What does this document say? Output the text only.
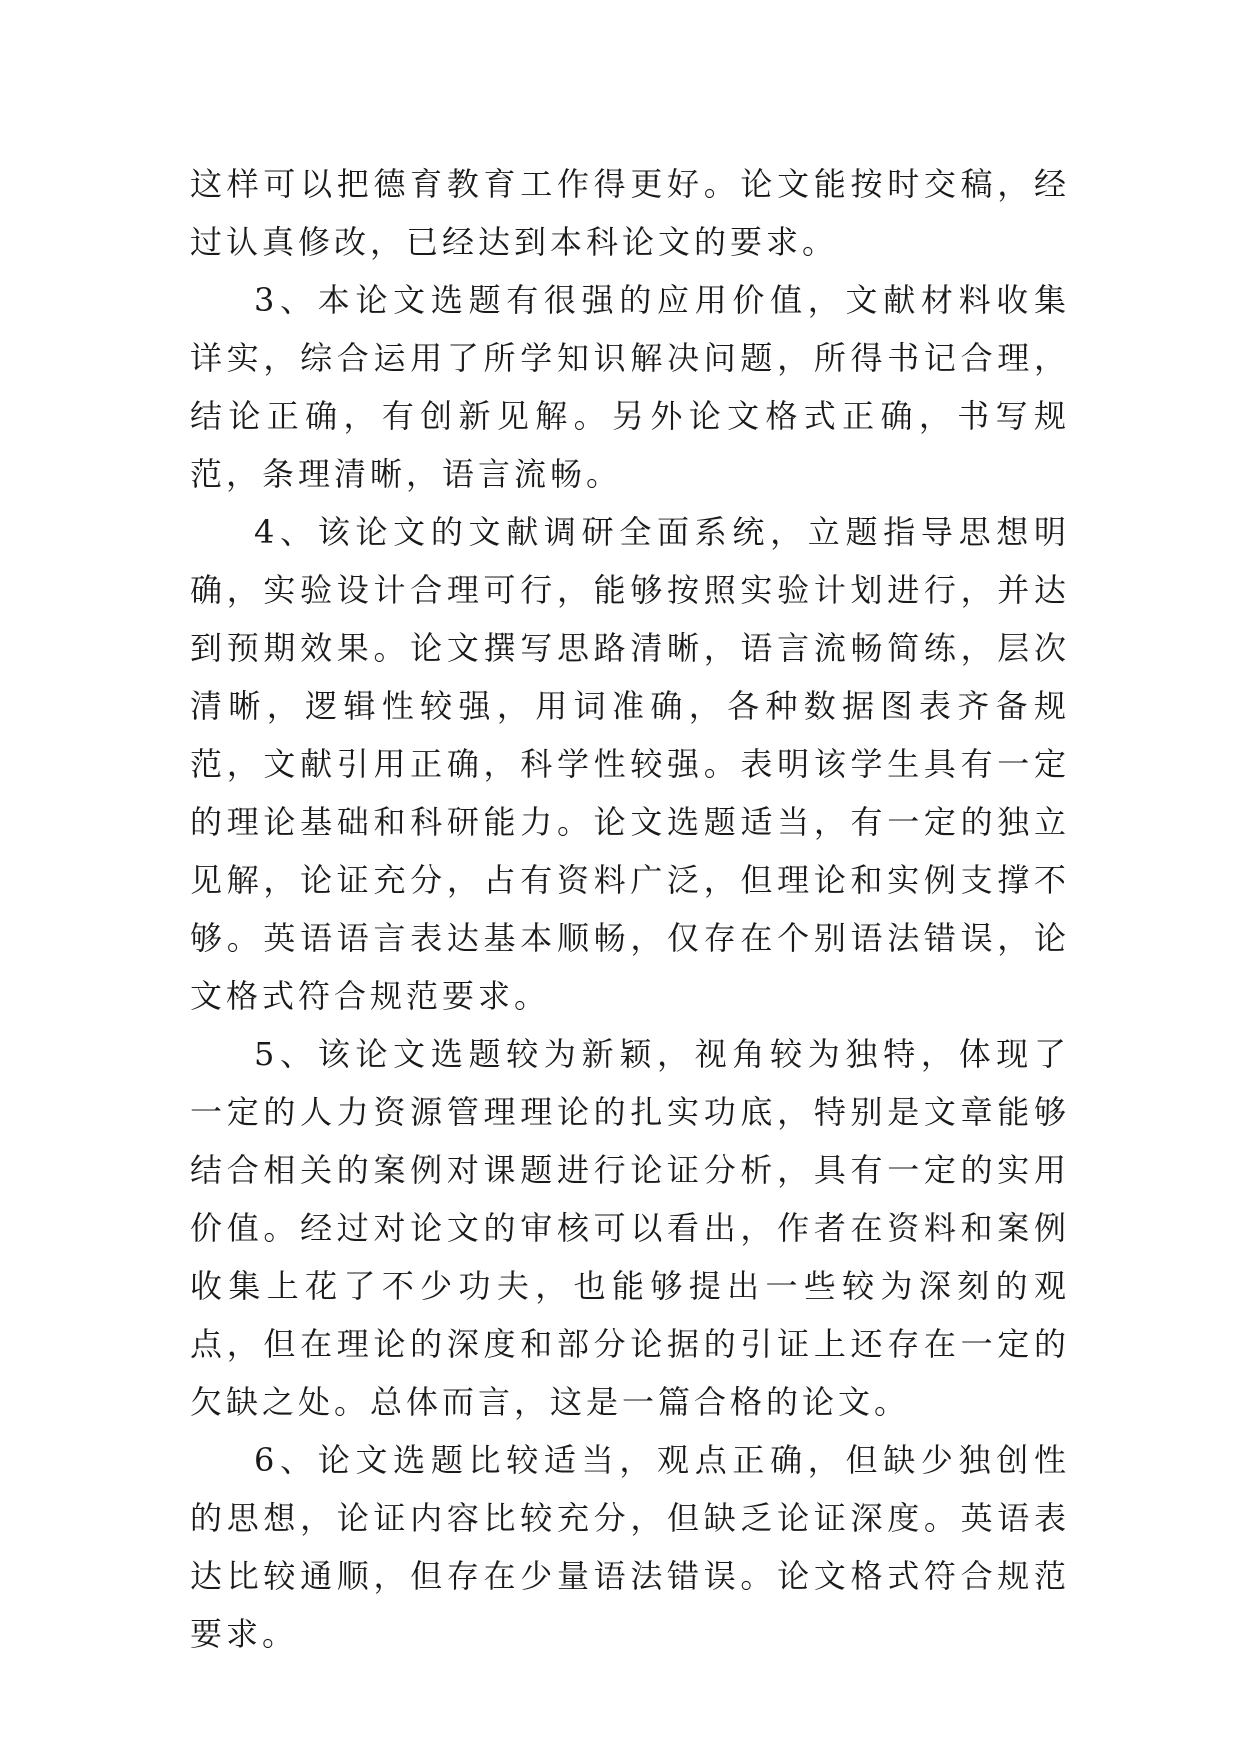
这样可以把德育教育工作得更好。论文能按时交稿，经过认真修改，已经达到本科论文的要求。

3、本论文选题有很强的应用价值，文献材料收集详实，综合运用了所学知识解决问题，所得书记合理，结论正确，有创新见解。另外论文格式正确，书写规范，条理清晰，语言流畅。

4、该论文的文献调研全面系统，立题指导思想明确，实验设计合理可行，能够按照实验计划进行，并达到预期效果。论文撰写思路清晰，语言流畅简练，层次清晰，逻辑性较强，用词准确，各种数据图表齐备规范，文献引用正确，科学性较强。表明该学生具有一定的理论基础和科研能力。论文选题适当，有一定的独立见解，论证充分，占有资料广泛，但理论和实例支撑不够。英语语言表达基本顺畅，仅存在个别语法错误，论文格式符合规范要求。

5、该论文选题较为新颖，视角较为独特，体现了一定的人力资源管理理论的扎实功底，特别是文章能够结合相关的案例对课题进行论证分析，具有一定的实用价值。经过对论文的审核可以看出，作者在资料和案例收集上花了不少功夫，也能够提出一些较为深刻的观点，但在理论的深度和部分论据的引证上还存在一定的欠缺之处。总体而言，这是一篇合格的论文。

6、论文选题比较适当，观点正确，但缺少独创性的思想，论证内容比较充分，但缺乏论证深度。英语表达比较通顺，但存在少量语法错误。论文格式符合规范要求。
